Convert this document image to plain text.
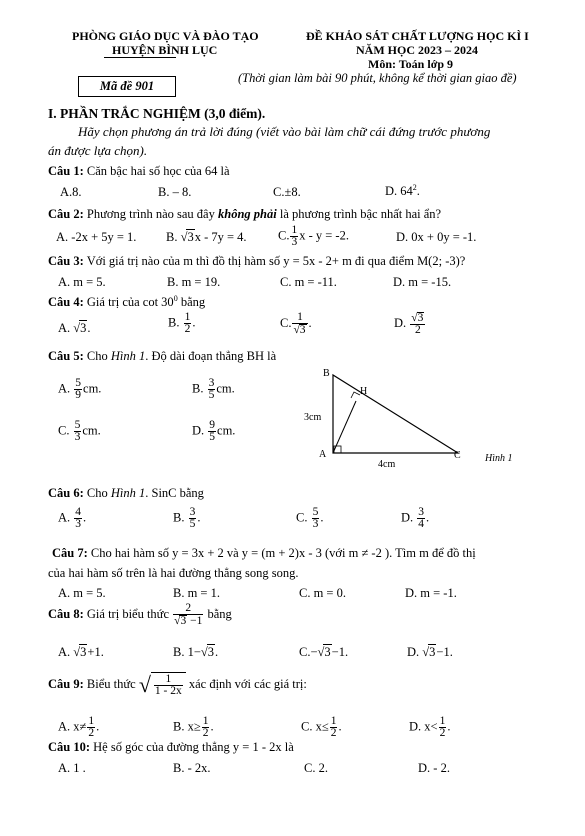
PHÒNG GIÁO DỤC VÀ ĐÀO TẠO
HUYỆN BÌNH LỤC
ĐỀ KHẢO SÁT CHẤT LƯỢNG HỌC KÌ I
NĂM HỌC 2023 – 2024
Môn: Toán lớp 9
Mã đề 901
(Thời gian làm bài 90 phút, không kể thời gian giao đề)
I. PHẦN TRẮC NGHIỆM (3,0 điểm).
Hãy chọn phương án trả lời đúng (viết vào bài làm chữ cái đứng trước phương
án được lựa chọn).
Câu 1: Căn bậc hai số học của 64 là
A.8.	B. – 8.	C.±8.	D. $64^2$.
Câu 2: Phương trình nào sau đây không phải là phương trình bậc nhất hai ẩn?
A. -2x + 5y = 1. B. √3x - 7y = 4.	C. $\frac{1}{3}$ x - y = -2.	D. 0x + 0y = -1.
Câu 3: Với giá trị nào của m thì đồ thị hàm số y = 5x - 2+ m đi qua điểm M(2; -3)?
A. m = 5.	B. m = 19.	C. m = -11.	D. m = -15.
Câu 4: Giá trị của $\cot 30^0$ bằng
A. √3.	B. $\frac{1}{2}$ .	C. $\frac{1}{√3}$ .	D. $\frac{√3}{2}$
Câu 5: Cho Hình 1. Độ dài đoạn thẳng BH là
A. $\frac{5}{9}$ cm.	B. $\frac{3}{5}$ cm.
C. $\frac{5}{3}$ cm.	D. $\frac{9}{5}$ cm.
B
H
A	C
3cm
4cm
Hình 1
Câu 6: Cho Hình 1. SinC bằng
A. $\frac{4}{3}$ .	B. $\frac{3}{5}$ .	C. $\frac{5}{3}$ .	D. $\frac{3}{4}$ .
Câu 7: Cho hai hàm số y = 3x + 2 và y = (m + 2)x - 3 (với m ≠ -2 ). Tìm m để đồ thị
của hai hàm số trên là hai đường thẳng song song.
A. m = 5.	B. m = 1.	C. m = 0.	D. m = -1.
Câu 8: Giá trị biểu thức $\frac{2}{√3 -1}$ bằng
A. √3+1.	B. 1−√3.	C.−√3−1.	D. √3−1.
Câu 9: Biểu thức √ $\frac{1}{1 - 2x}$ xác định với các giá trị:
A. $x\ne \frac{1}{2}$ .	B. $x\ge \frac{1}{2}$ .	C. $x\le \frac{1}{2}$ .	D. $x< \frac{1}{2}$ .
Câu 10: Hệ số góc của đường thẳng y = 1 - 2x là
A. 1 .	B. - 2x.	C. 2.	D. - 2.
